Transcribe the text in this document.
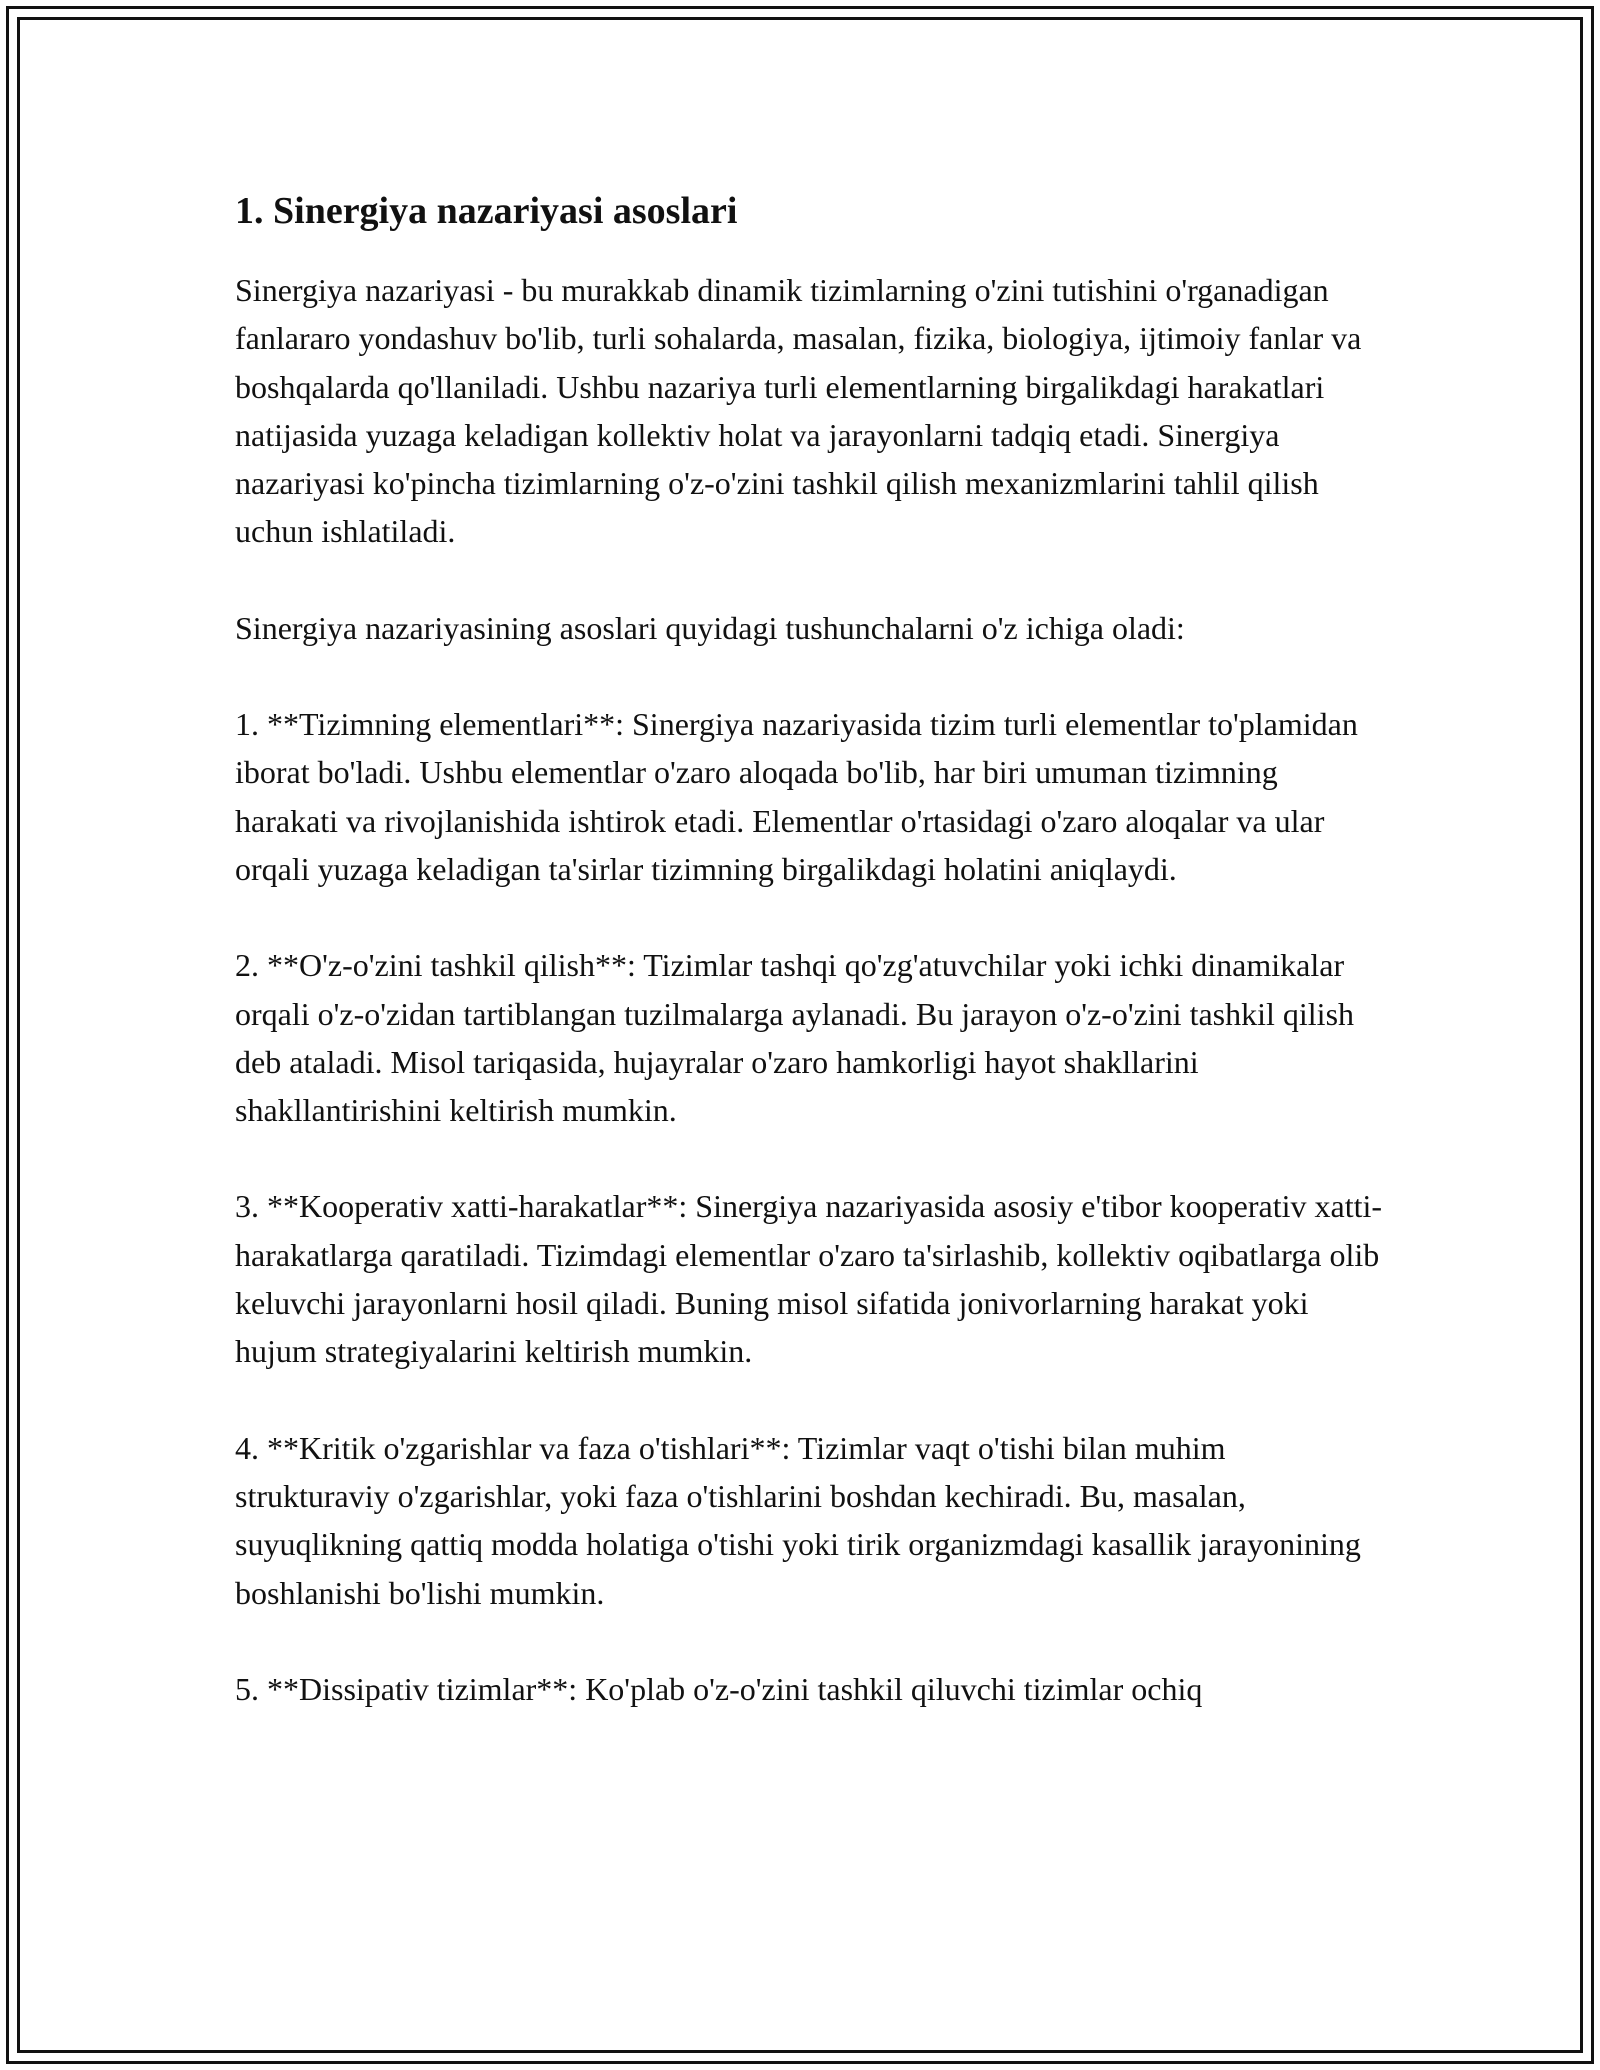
1. Sinergiya nazariyasi asoslari

Sinergiya nazariyasi - bu murakkab dinamik tizimlarning o'zini tutishini o'rganadigan fanlararo yondashuv bo'lib, turli sohalarda, masalan, fizika, biologiya, ijtimoiy fanlar va boshqalarda qo'llaniladi. Ushbu nazariya turli elementlarning birgalikdagi harakatlari natijasida yuzaga keladigan kollektiv holat va jarayonlarni tadqiq etadi. Sinergiya nazariyasi ko'pincha tizimlarning o'z-o'zini tashkil qilish mexanizmlarini tahlil qilish uchun ishlatiladi.

Sinergiya nazariyasining asoslari quyidagi tushunchalarni o'z ichiga oladi:

1. **Tizimning elementlari**: Sinergiya nazariyasida tizim turli elementlar to'plamidan iborat bo'ladi. Ushbu elementlar o'zaro aloqada bo'lib, har biri umuman tizimning harakati va rivojlanishida ishtirok etadi. Elementlar o'rtasidagi o'zaro aloqalar va ular orqali yuzaga keladigan ta'sirlar tizimning birgalikdagi holatini aniqlaydi.

2. **O'z-o'zini tashkil qilish**: Tizimlar tashqi qo'zg'atuvchilar yoki ichki dinamikalar orqali o'z-o'zidan tartiblangan tuzilmalarga aylanadi. Bu jarayon o'z-o'zini tashkil qilish deb ataladi. Misol tariqasida, hujayralar o'zaro hamkorligi hayot shakllarini shakllantirishini keltirish mumkin.

3. **Kooperativ xatti-harakatlar**: Sinergiya nazariyasida asosiy e'tibor kooperativ xatti-harakatlarga qaratiladi. Tizimdagi elementlar o'zaro ta'sirlashib, kollektiv oqibatlarga olib keluvchi jarayonlarni hosil qiladi. Buning misol sifatida jonivorlarning harakat yoki hujum strategiyalarini keltirish mumkin.

4. **Kritik o'zgarishlar va faza o'tishlari**: Tizimlar vaqt o'tishi bilan muhim strukturaviy o'zgarishlar, yoki faza o'tishlarini boshdan kechiradi. Bu, masalan, suyuqlikning qattiq modda holatiga o'tishi yoki tirik organizmdagi kasallik jarayonining boshlanishi bo'lishi mumkin.

5. **Dissipativ tizimlar**: Ko'plab o'z-o'zini tashkil qiluvchi tizimlar ochiq
